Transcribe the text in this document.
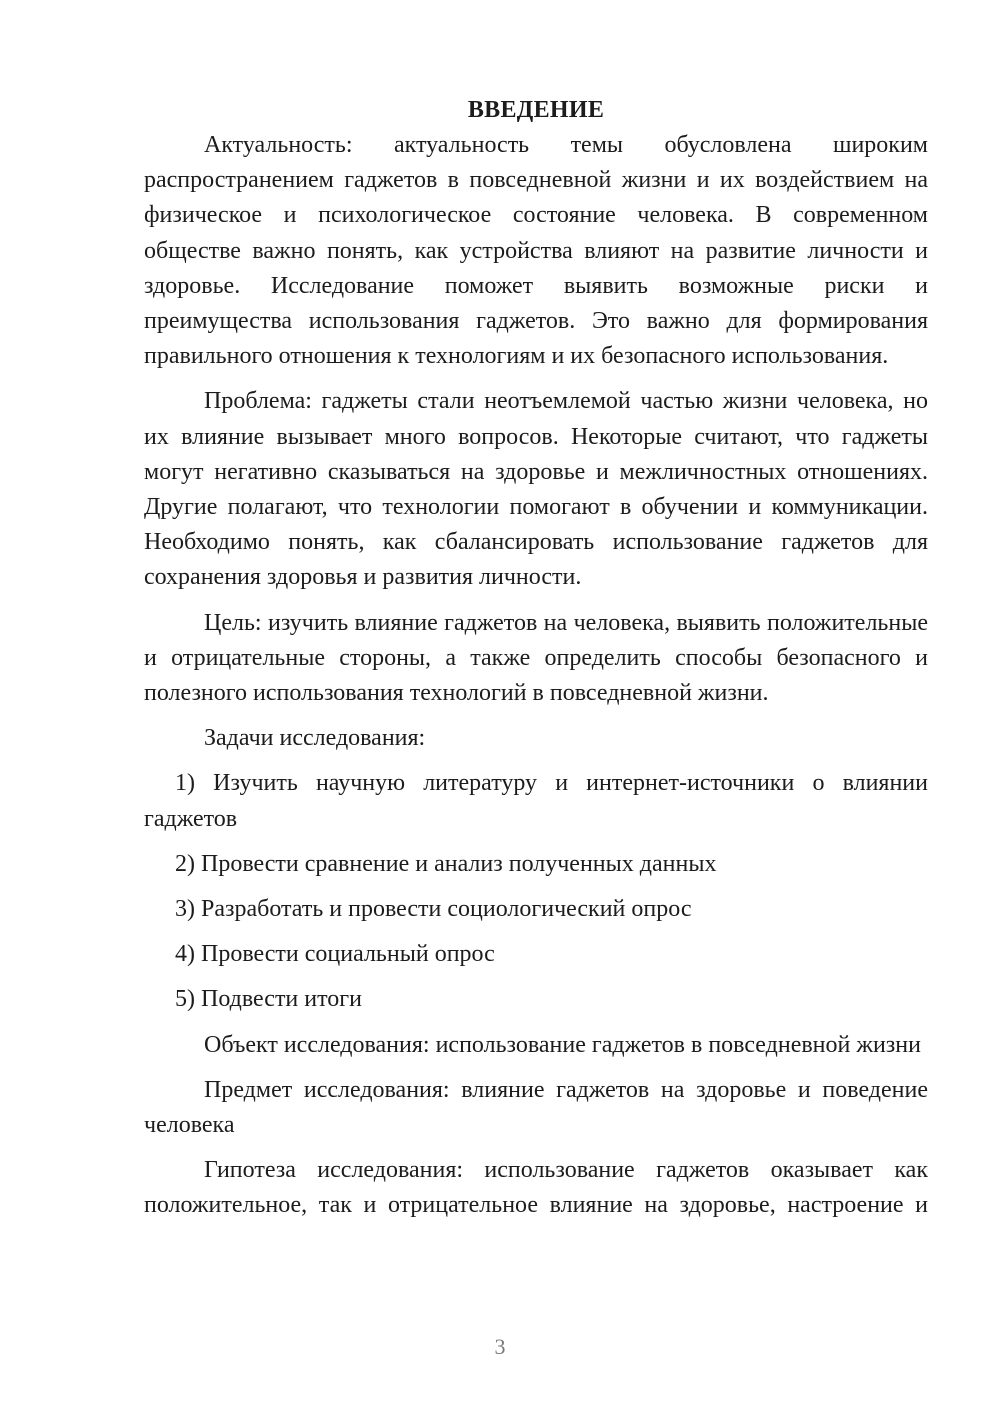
ВВЕДЕНИЕ

Актуальность: актуальность темы обусловлена широким распространением гаджетов в повседневной жизни и их воздействием на физическое и психологическое состояние человека. В современном обществе важно понять, как устройства влияют на развитие личности и здоровье. Исследование поможет выявить возможные риски и преимущества использования гаджетов. Это важно для формирования правильного отношения к технологиям и их безопасного использования.

Проблема: гаджеты стали неотъемлемой частью жизни человека, но их влияние вызывает много вопросов. Некоторые считают, что гаджеты могут негативно сказываться на здоровье и межличностных отношениях. Другие полагают, что технологии помогают в обучении и коммуникации. Необходимо понять, как сбалансировать использование гаджетов для сохранения здоровья и развития личности.

Цель: изучить влияние гаджетов на человека, выявить положительные и отрицательные стороны, а также определить способы безопасного и полезного использования технологий в повседневной жизни.

Задачи исследования:

1) Изучить научную литературу и интернет-источники о влиянии гаджетов

2) Провести сравнение и анализ полученных данных

3) Разработать и провести социологический опрос

4) Провести социальный опрос

5) Подвести итоги

Объект исследования: использование гаджетов в повседневной жизни

Предмет исследования: влияние гаджетов на здоровье и поведение человека

Гипотеза исследования: использование гаджетов оказывает как положительное, так и отрицательное влияние на здоровье, настроение и

3
